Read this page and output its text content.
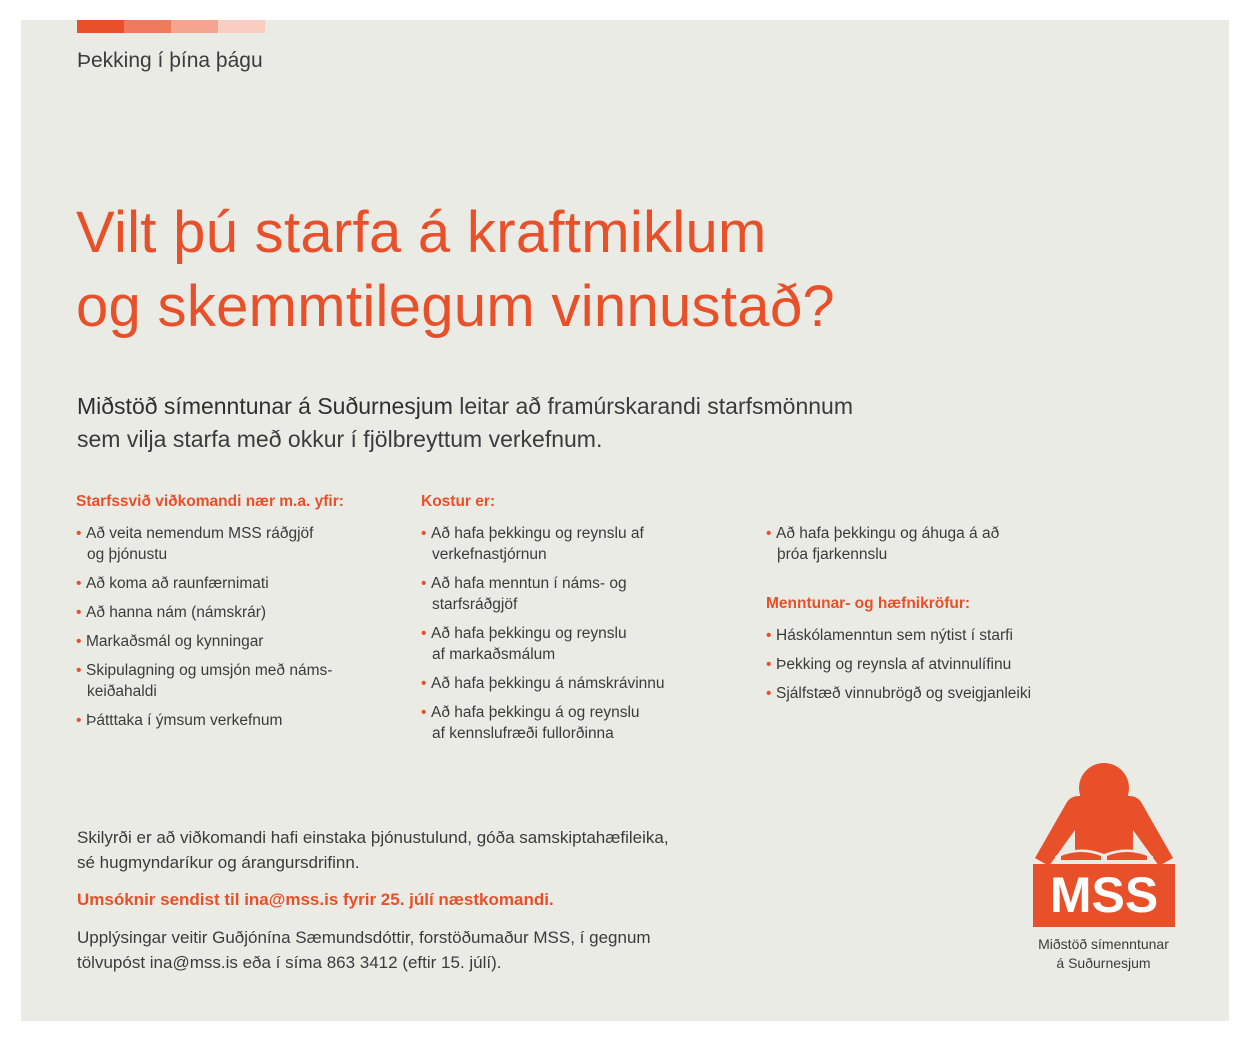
Þekking í þína þágu
Vilt þú starfa á kraftmiklum
og skemmtilegum vinnustað?
Miðstöð símenntunar á Suðurnesjum leitar að framúrskarandi starfsmönnum
sem vilja starfa með okkur í fjölbreyttum verkefnum.
Starfssvið viðkomandi nær m.a. yfir:
• Að veita nemendum MSS ráðgjöf
og þjónustu
• Að koma að raunfærnimati
• Að hanna nám (námskrár)
• Markaðsmál og kynningar
• Skipulagning og umsjón með náms-
keiðahaldi
• Þátttaka í ýmsum verkefnum
Kostur er:
• Að hafa þekkingu og reynslu af
verkefnastjórnun
• Að hafa menntun í náms- og
starfsráðgjöf
• Að hafa þekkingu og reynslu
af markaðsmálum
• Að hafa þekkingu á námskrávinnu
• Að hafa þekkingu á og reynslu
af kennslufræði fullorðinna
• Að hafa þekkingu og áhuga á að
þróa fjarkennslu
Menntunar- og hæfnikröfur:
• Háskólamenntun sem nýtist í starfi
• Þekking og reynsla af atvinnulífinu
• Sjálfstæð vinnubrögð og sveigjanleiki
Skilyrði er að viðkomandi hafi einstaka þjónustulund, góða samskiptahæfileika,
sé hugmyndaríkur og árangursdrifinn.
Umsóknir sendist til ina@mss.is fyrir 25. júlí næstkomandi.
Upplýsingar veitir Guðjónína Sæmundsdóttir, forstöðumaður MSS, í gegnum
tölvupóst ina@mss.is eða í síma 863 3412 (eftir 15. júlí).
MSS
Miðstöð símenntunar
á Suðurnesjum
